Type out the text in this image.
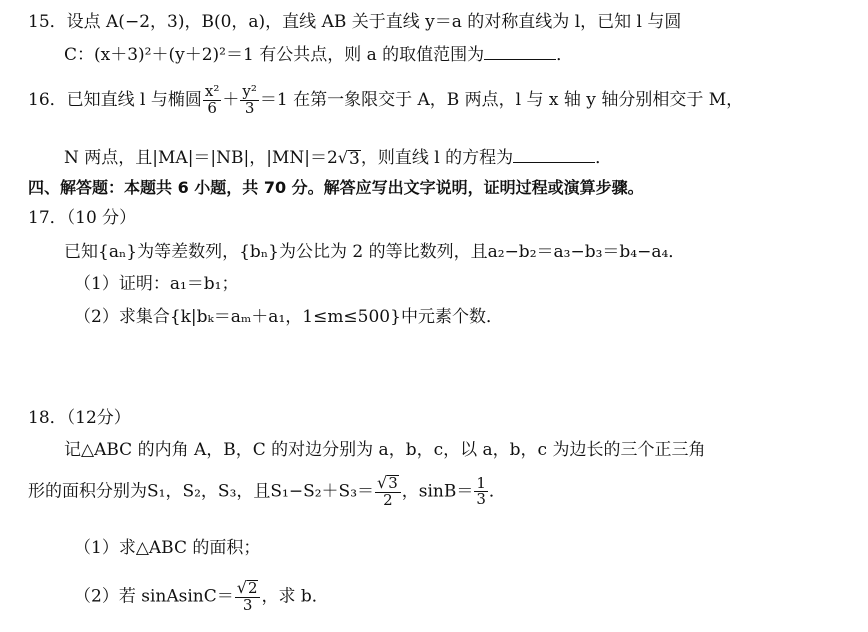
15．设点 A(−2，3)，B(0，a)，直线 AB 关于直线 y＝a 的对称直线为 l，已知 l 与圆
C：(x＋3)²＋(y＋2)²＝1 有公共点，则 a 的取值范围为	．
16．已知直线 l 与椭圆 $\frac{\text{x²}}{6} + \frac{\text{y²}}{3} =1$ 在第一象限交于 A，B 两点，l 与 x 轴 y 轴分别相交于 M，
N 两点，且|MA|＝|NB|，|MN|＝2 √ 3 ，则直线 l 的方程为	．
四、解答题：本题共 6 小题，共 70 分。解答应写出文字说明，证明过程或演算步骤。
17．（10 分）
已知{aₙ}为等差数列，{bₙ}为公比为 2 的等比数列，且a₂−b₂＝a₃−b₃＝b₄−a₄．
（1）证明：a₁＝b₁；
（2）求集合{k|bₖ＝aₘ＋a₁，1≤m≤500}中元素个数．
18．（12分）
记△ABC 的内角 A，B，C 的对边分别为 a，b，c，以 a，b，c 为边长的三个正三角
形的面积分别为S₁，S₂，S₃，且$S_1-S_2+S_3= \frac{√ 3}{2}$ ，$\sin B= \frac{1}{3}$ ．
（1）求△ABC 的面积；
（2）若 sinAsinC＝ $\frac{√ 2}{3}$ ，求 b．
